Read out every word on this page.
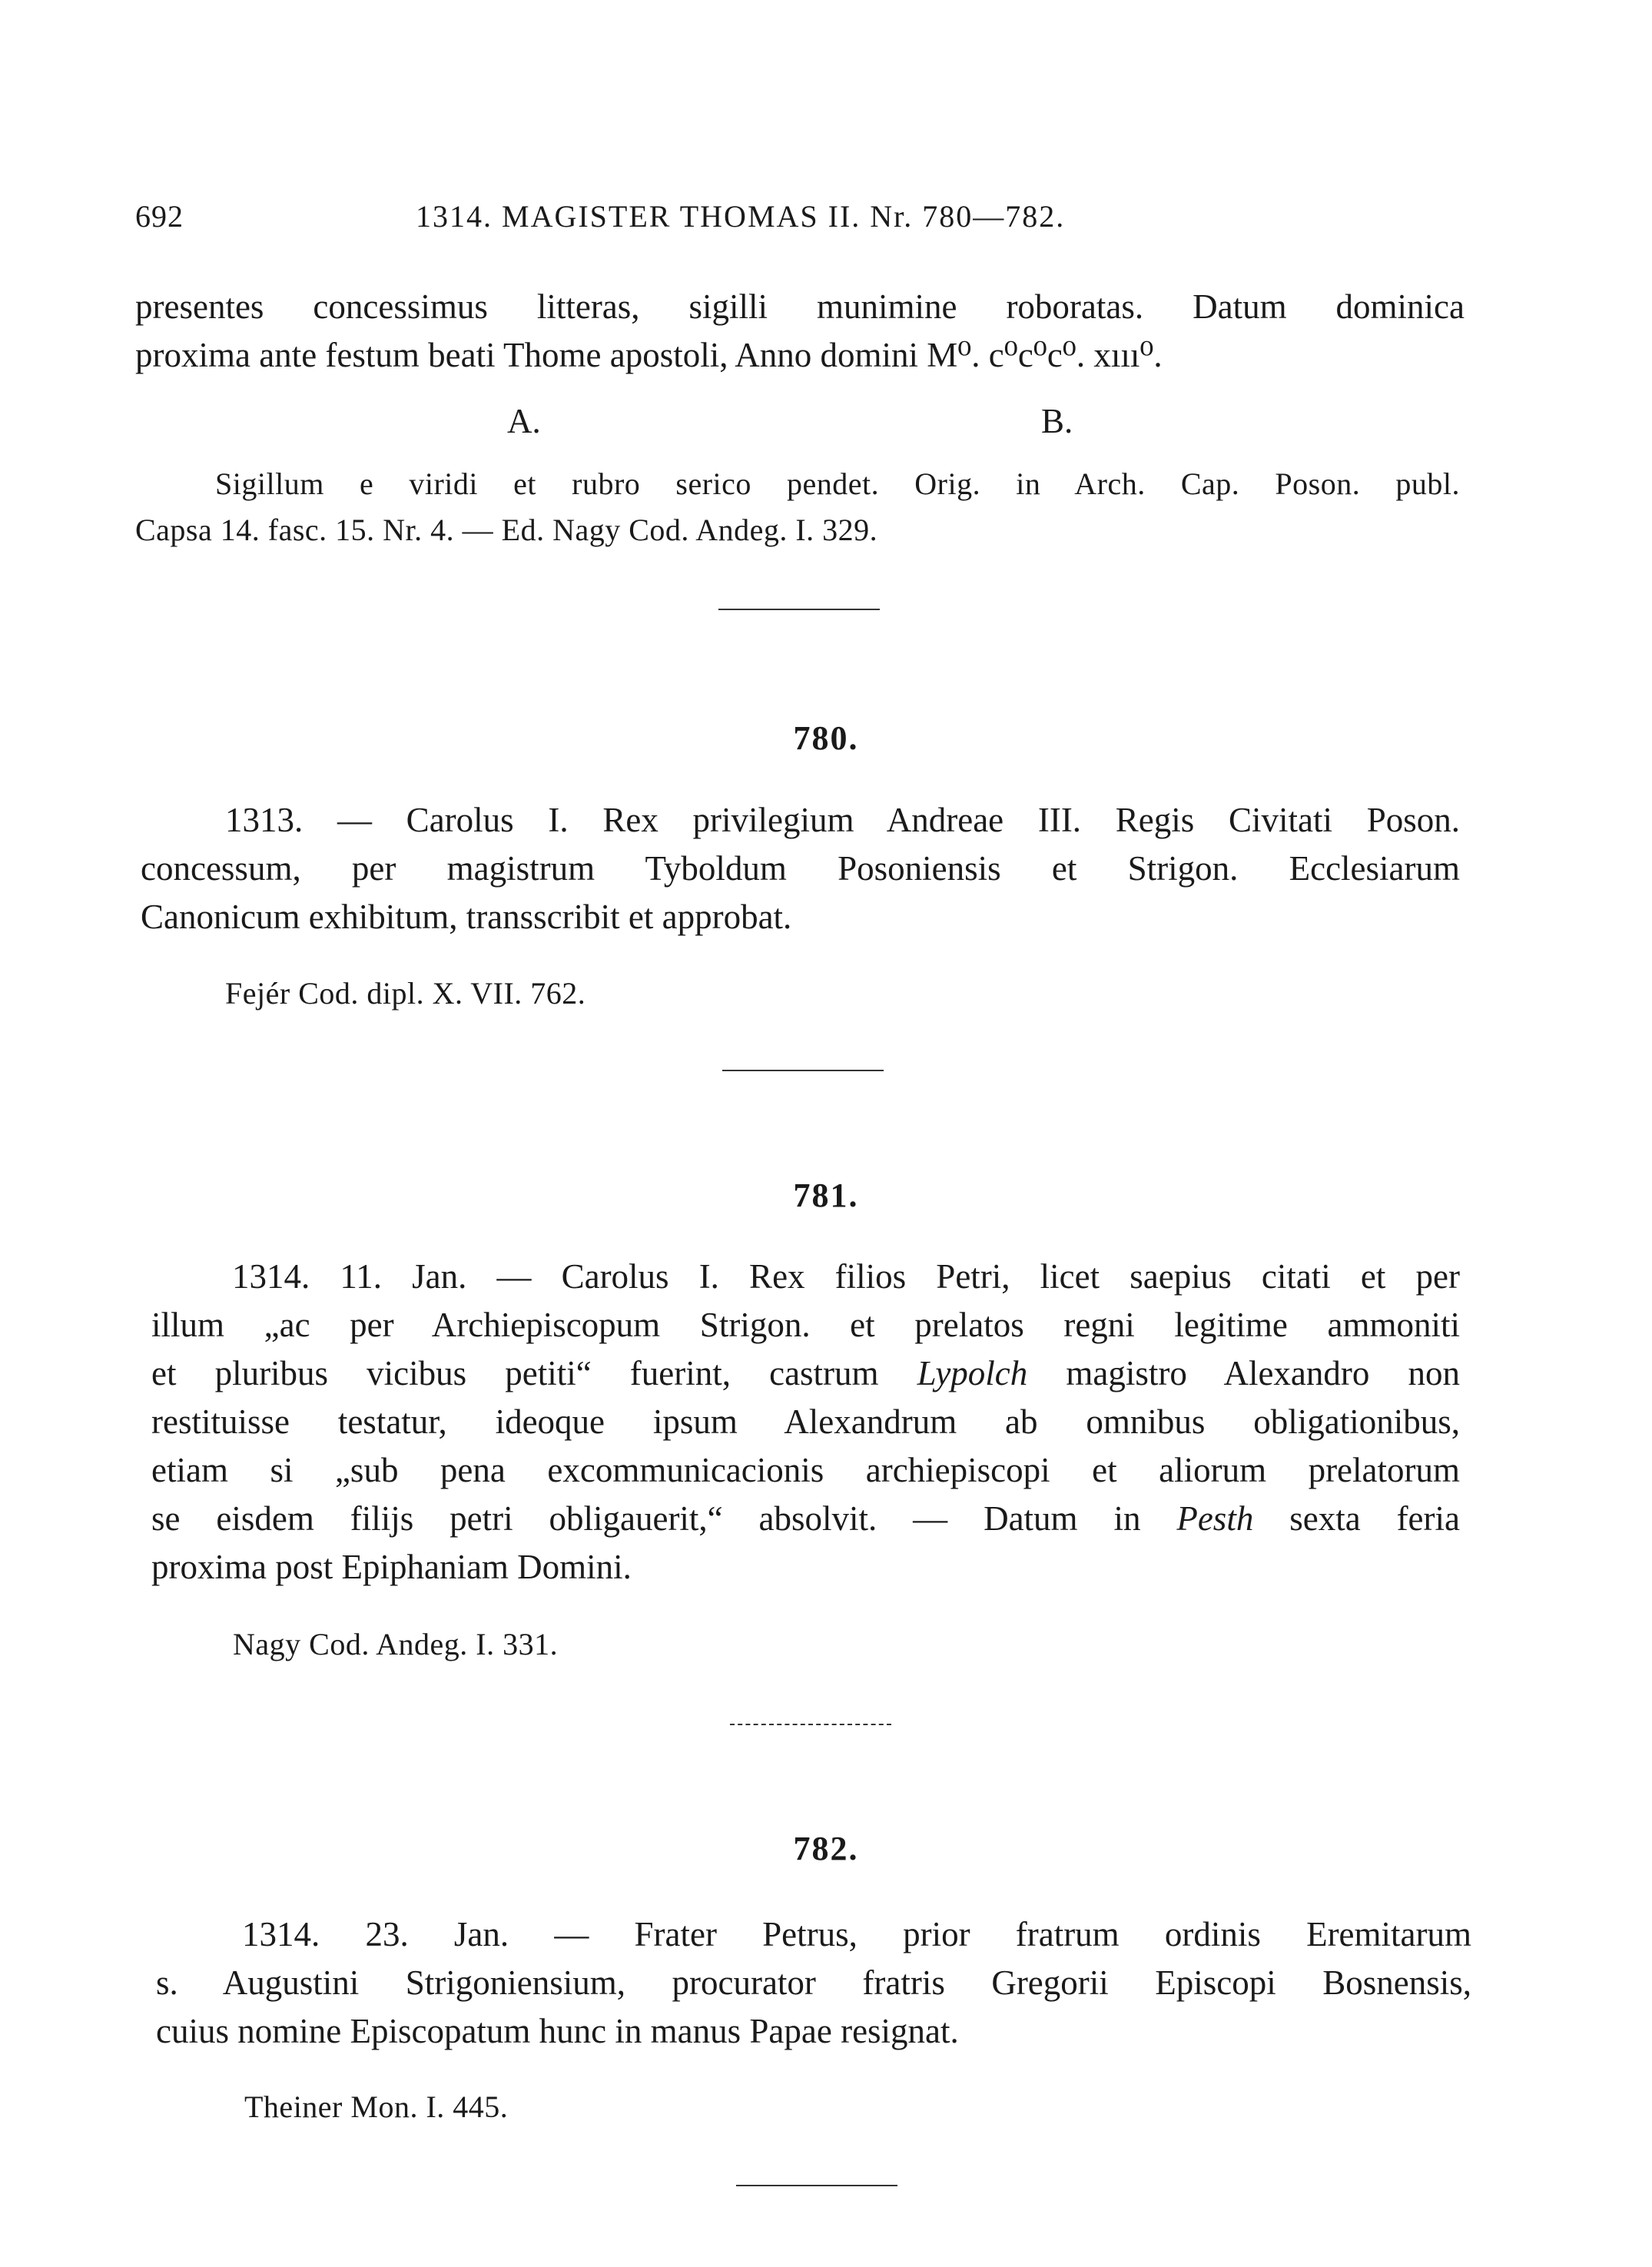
692	1314. MAGISTER THOMAS II. Nr. 780—782.
presentes concessimus litteras, sigilli munimine roboratas. Datum dominica
proxima ante festum beati Thome apostoli, Anno domini M⁰. c⁰c⁰c⁰. xııı⁰.
A.	B.
Sigillum e viridi et rubro serico pendet. Orig. in Arch. Cap. Poson. publ.
Capsa 14. fasc. 15. Nr. 4. — Ed. Nagy Cod. Andeg. I. 329.
780.
1313. — Carolus I. Rex privilegium Andreae III. Regis Civitati Poson.
concessum, per magistrum Tyboldum Posoniensis et Strigon. Ecclesiarum
Canonicum exhibitum, transscribit et approbat.
Fejér Cod. dipl. X. VII. 762.
781.
1314. 11. Jan. — Carolus I. Rex filios Petri, licet saepius citati et per
illum „ac per Archiepiscopum Strigon. et prelatos regni legitime ammoniti
et pluribus vicibus petiti“ fuerint, castrum Lypolch magistro Alexandro non
restituisse testatur, ideoque ipsum Alexandrum ab omnibus obligationibus,
etiam si „sub pena excommunicacionis archiepiscopi et aliorum prelatorum
se eisdem filijs petri obligauerit,“ absolvit. — Datum in Pesth sexta feria
proxima post Epiphaniam Domini.
Nagy Cod. Andeg. I. 331.
782.
1314. 23. Jan. — Frater Petrus, prior fratrum ordinis Eremitarum
s. Augustini Strigoniensium, procurator fratris Gregorii Episcopi Bosnensis,
cuius nomine Episcopatum hunc in manus Papae resignat.
Theiner Mon. I. 445.
